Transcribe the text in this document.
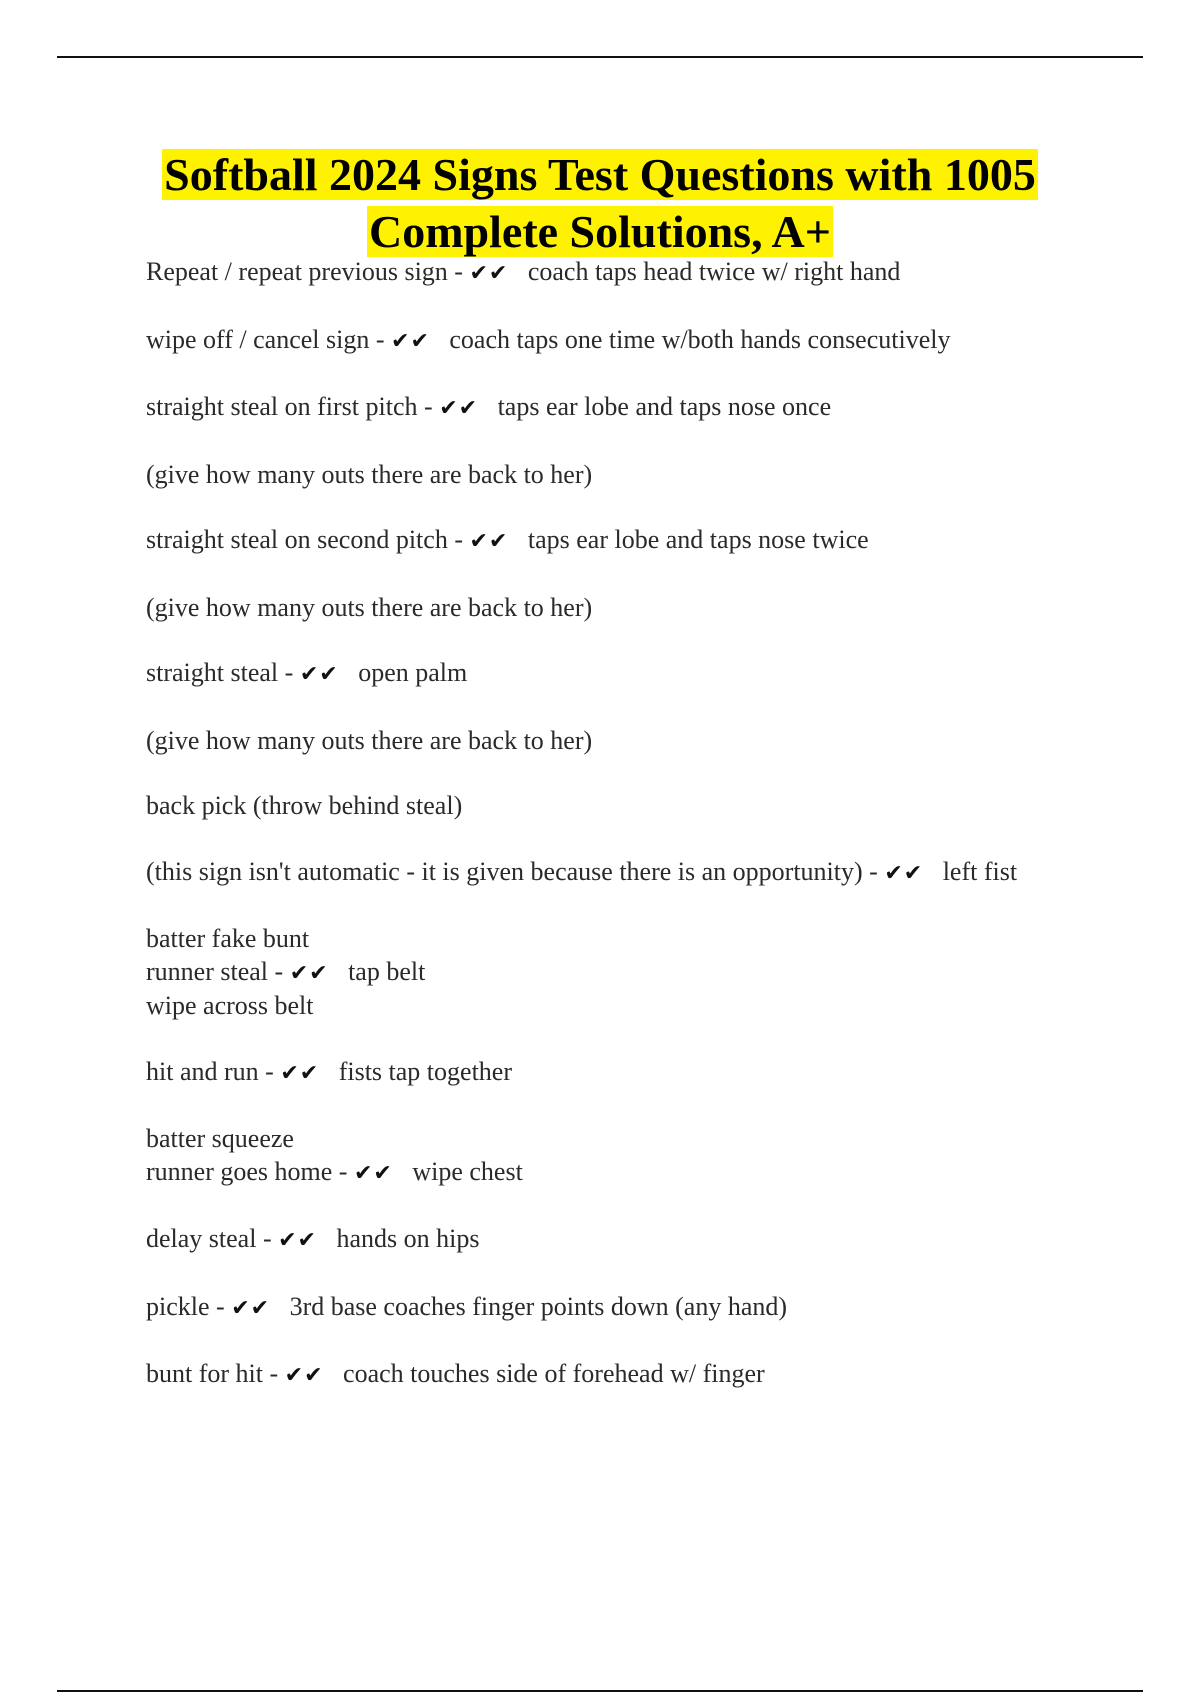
Softball 2024 Signs Test Questions with 1005 Complete Solutions, A+
Repeat / repeat previous sign - ✔✔ coach taps head twice w/ right hand
wipe off / cancel sign - ✔✔ coach taps one time w/both hands consecutively
straight steal on first pitch - ✔✔ taps ear lobe and taps nose once
(give how many outs there are back to her)
straight steal on second pitch - ✔✔ taps ear lobe and taps nose twice
(give how many outs there are back to her)
straight steal - ✔✔ open palm
(give how many outs there are back to her)
back pick (throw behind steal)
(this sign isn't automatic - it is given because there is an opportunity) - ✔✔ left fist
batter fake bunt
runner steal - ✔✔ tap belt
wipe across belt
hit and run - ✔✔ fists tap together
batter squeeze
runner goes home - ✔✔ wipe chest
delay steal - ✔✔ hands on hips
pickle - ✔✔ 3rd base coaches finger points down (any hand)
bunt for hit - ✔✔ coach touches side of forehead w/ finger
